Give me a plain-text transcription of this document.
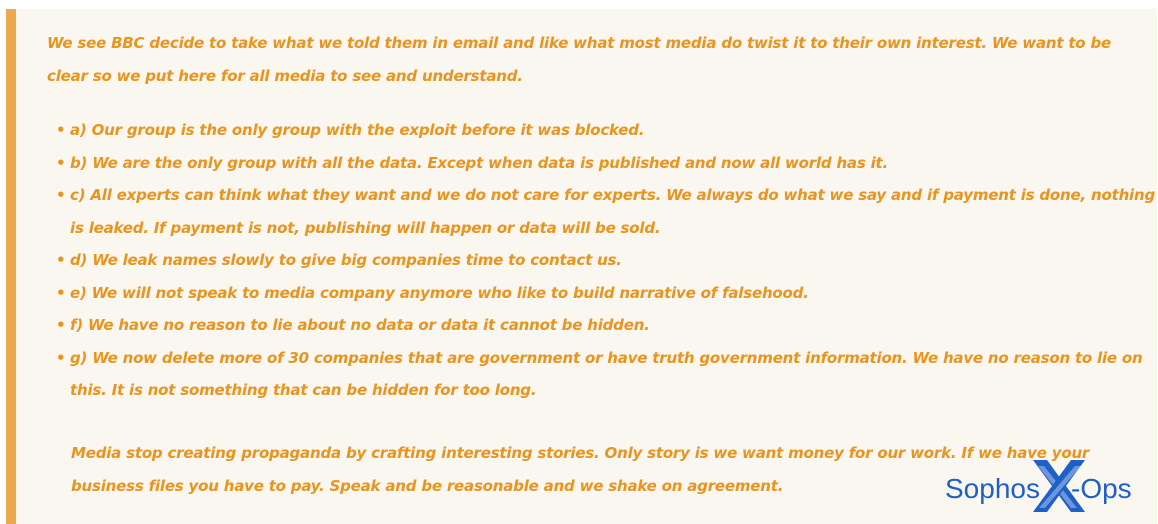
We see BBC decide to take what we told them in email and like what most media do twist it to their own interest. We want to be clear so we put here for all media to see and understand.

• a) Our group is the only group with the exploit before it was blocked.
• b) We are the only group with all the data. Except when data is published and now all world has it.
• c) All experts can think what they want and we do not care for experts. We always do what we say and if payment is done, nothing is leaked. If payment is not, publishing will happen or data will be sold.
• d) We leak names slowly to give big companies time to contact us.
• e) We will not speak to media company anymore who like to build narrative of falsehood.
• f) We have no reason to lie about no data or data it cannot be hidden.
• g) We now delete more of 30 companies that are government or have truth government information. We have no reason to lie on this. It is not something that can be hidden for too long.

Media stop creating propaganda by crafting interesting stories. Only story is we want money for our work. If we have your business files you have to pay. Speak and be reasonable and we shake on agreement.	Sophos -Ops
